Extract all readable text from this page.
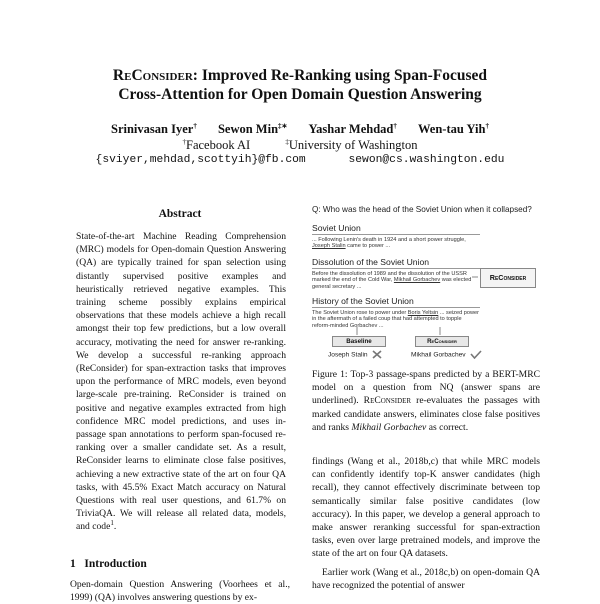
ReConsider: Improved Re-Ranking using Span-Focused
Cross-Attention for Open Domain Question Answering
Srinivasan Iyer† Sewon Min‡∗ Yashar Mehdad† Wen-tau Yih†
†Facebook AI	‡University of Washington
{sviyer,mehdad,scottyih}@fb.com	sewon@cs.washington.edu
Abstract
State-of-the-art Machine Reading Comprehension (MRC) models for Open-domain Question Answering (QA) are typically trained for span selection using distantly supervised positive examples and heuristically retrieved negative examples. This training scheme possibly explains empirical observations that these models achieve a high recall amongst their top few predictions, but a low overall accuracy, motivating the need for answer re-ranking. We develop a successful re-ranking approach (ReConsider) for span-extraction tasks that improves upon the performance of MRC models, even beyond large-scale pre-training. ReConsider is trained on positive and negative examples extracted from high confidence MRC model predictions, and uses in-passage span annotations to perform span-focused re-ranking over a smaller candidate set. As a result, ReConsider learns to eliminate close false positives, achieving a new extractive state of the art on four QA tasks, with 45.5% Exact Match accuracy on Natural Questions with real user questions, and 61.7% on TriviaQA. We will release all related data, models, and code$^1$.
1 Introduction
Open-domain Question Answering (Voorhees et al., 1999) (QA) involves answering questions by ex-
Q: Who was the head of the Soviet Union when it collapsed?
Soviet Union
... Following Lenin's death in 1924 and a short power struggle, Joseph Stalin came to power ...
Dissolution of the Soviet Union
Before the dissolution of 1989 and the dissolution of the USSR marked the end of the Cold War, Mikhail Gorbachev was elected general secretary ...
History of the Soviet Union
The Soviet Union rose to power under Boris Yeltsin ... seized power in the aftermath of a failed coup that had attempted to topple reform-minded Gorbachev ...
ReConsider
Baseline	ReConsider
Joseph Stalin	Mikhail Gorbachev
Figure 1: Top-3 passage-spans predicted by a BERT-MRC model on a question from NQ (answer spans are underlined). ReConsider re-evaluates the passages with marked candidate answers, eliminates close false positives and ranks Mikhail Gorbachev as correct.

findings (Wang et al., 2018b,c) that while MRC models can confidently identify top-K answer candidates (high recall), they cannot effectively discriminate between top semantically similar false positive candidates (low accuracy). In this paper, we develop a general approach to make answer reranking successful for span-extraction tasks, even over large pretrained models, and improve the state of the art on four QA datasets.

Earlier work (Wang et al., 2018c,b) on open-domain QA have recognized the potential of answer
